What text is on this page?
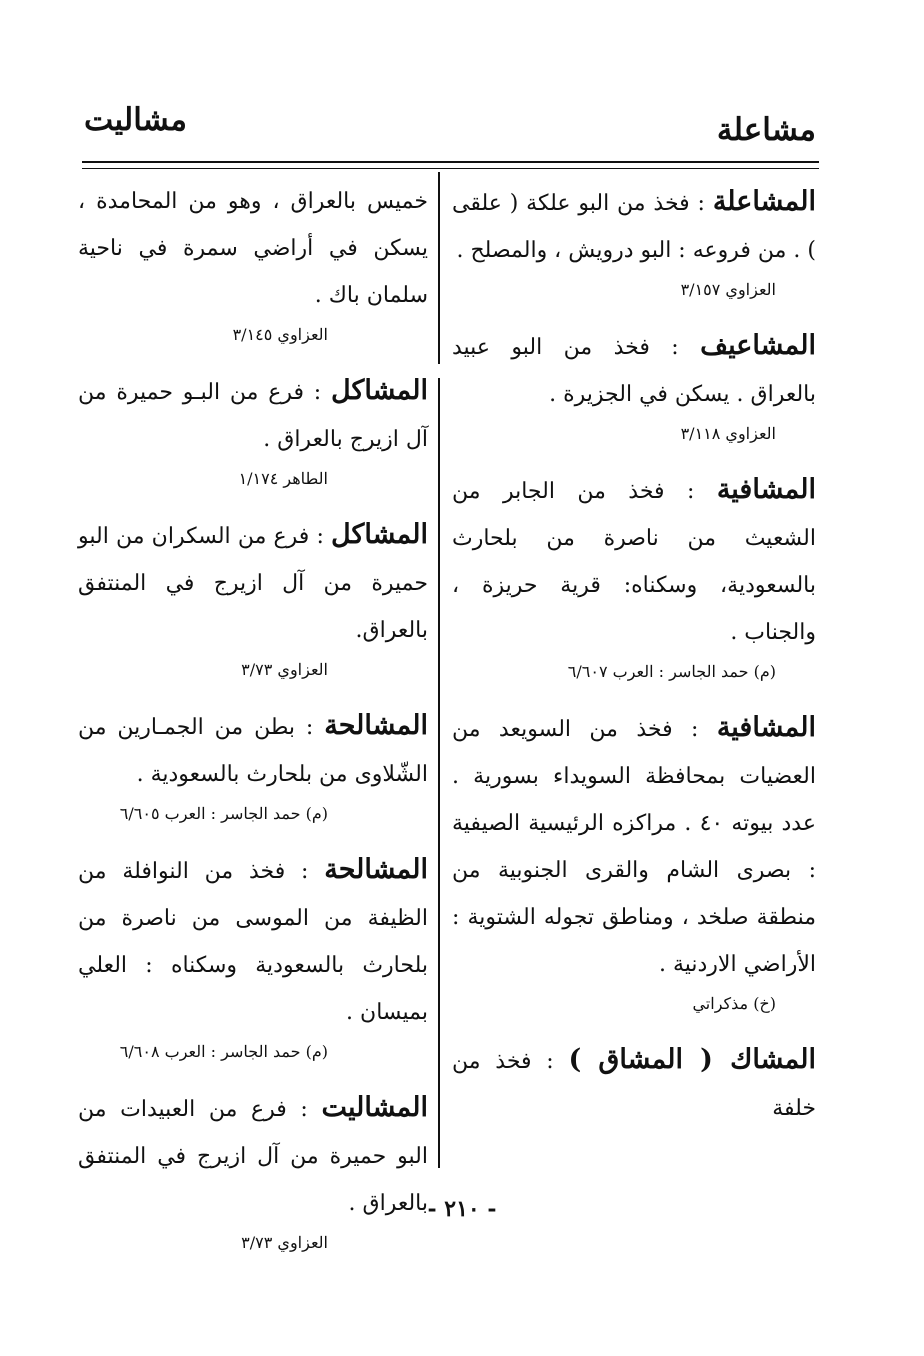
مشاليت	مشاعلة

المشاعلة : فخذ من البو علكة ( علقى ) . من فروعه : البو درويش ، والمصلح .

العزاوي ٣/١٥٧

المشاعيف : فخذ من البو عبيد بالعراق . يسكن في الجزيرة .

العزاوي ٣/١١٨

المشافية : فخذ من الجابر من الشعيث من ناصرة من بلحارث بالسعودية، وسكناه: قرية حريزة ، والجناب .

(م) حمد الجاسر : العرب ٦/٦٠٧

المشافية : فخذ من السويعد من العضيات بمحافظة السويداء بسورية . عدد بيوته ٤٠ . مراكزه الرئيسية الصيفية : بصرى الشام والقرى الجنوبية من منطقة صلخد ، ومناطق تجوله الشتوية : الأراضي الاردنية .

(خ) مذكراتي

المشاك ( المشاق ) : فخذ من خلفة

خميس بالعراق ، وهو من المحامدة ، يسكن في أراضي سمرة في ناحية سلمان باك .

العزاوي ٣/١٤٥

المشاكل : فرع من البـو حميرة من آل ازيرج بالعراق .

الطاهر ١/١٧٤

المشاكل : فرع من السكران من البو حميرة من آل ازيرج في المنتفق بالعراق.

العزاوي ٣/٧٣

المشالحة : بطن من الجمـارين من الشّلاوى من بلحارث بالسعودية .

(م) حمد الجاسر : العرب ٦/٦٠٥

المشالحة : فخذ من النوافلة من الظيفة من الموسى من ناصرة من بلحارث بالسعودية وسكناه : العلي بميسان .

(م) حمد الجاسر : العرب ٦/٦٠٨

المشاليت : فرع من العبيدات من البو حميرة من آل ازيرج في المنتفق بالعراق .

العزاوي ٣/٧٣
- ٢١٠ -
